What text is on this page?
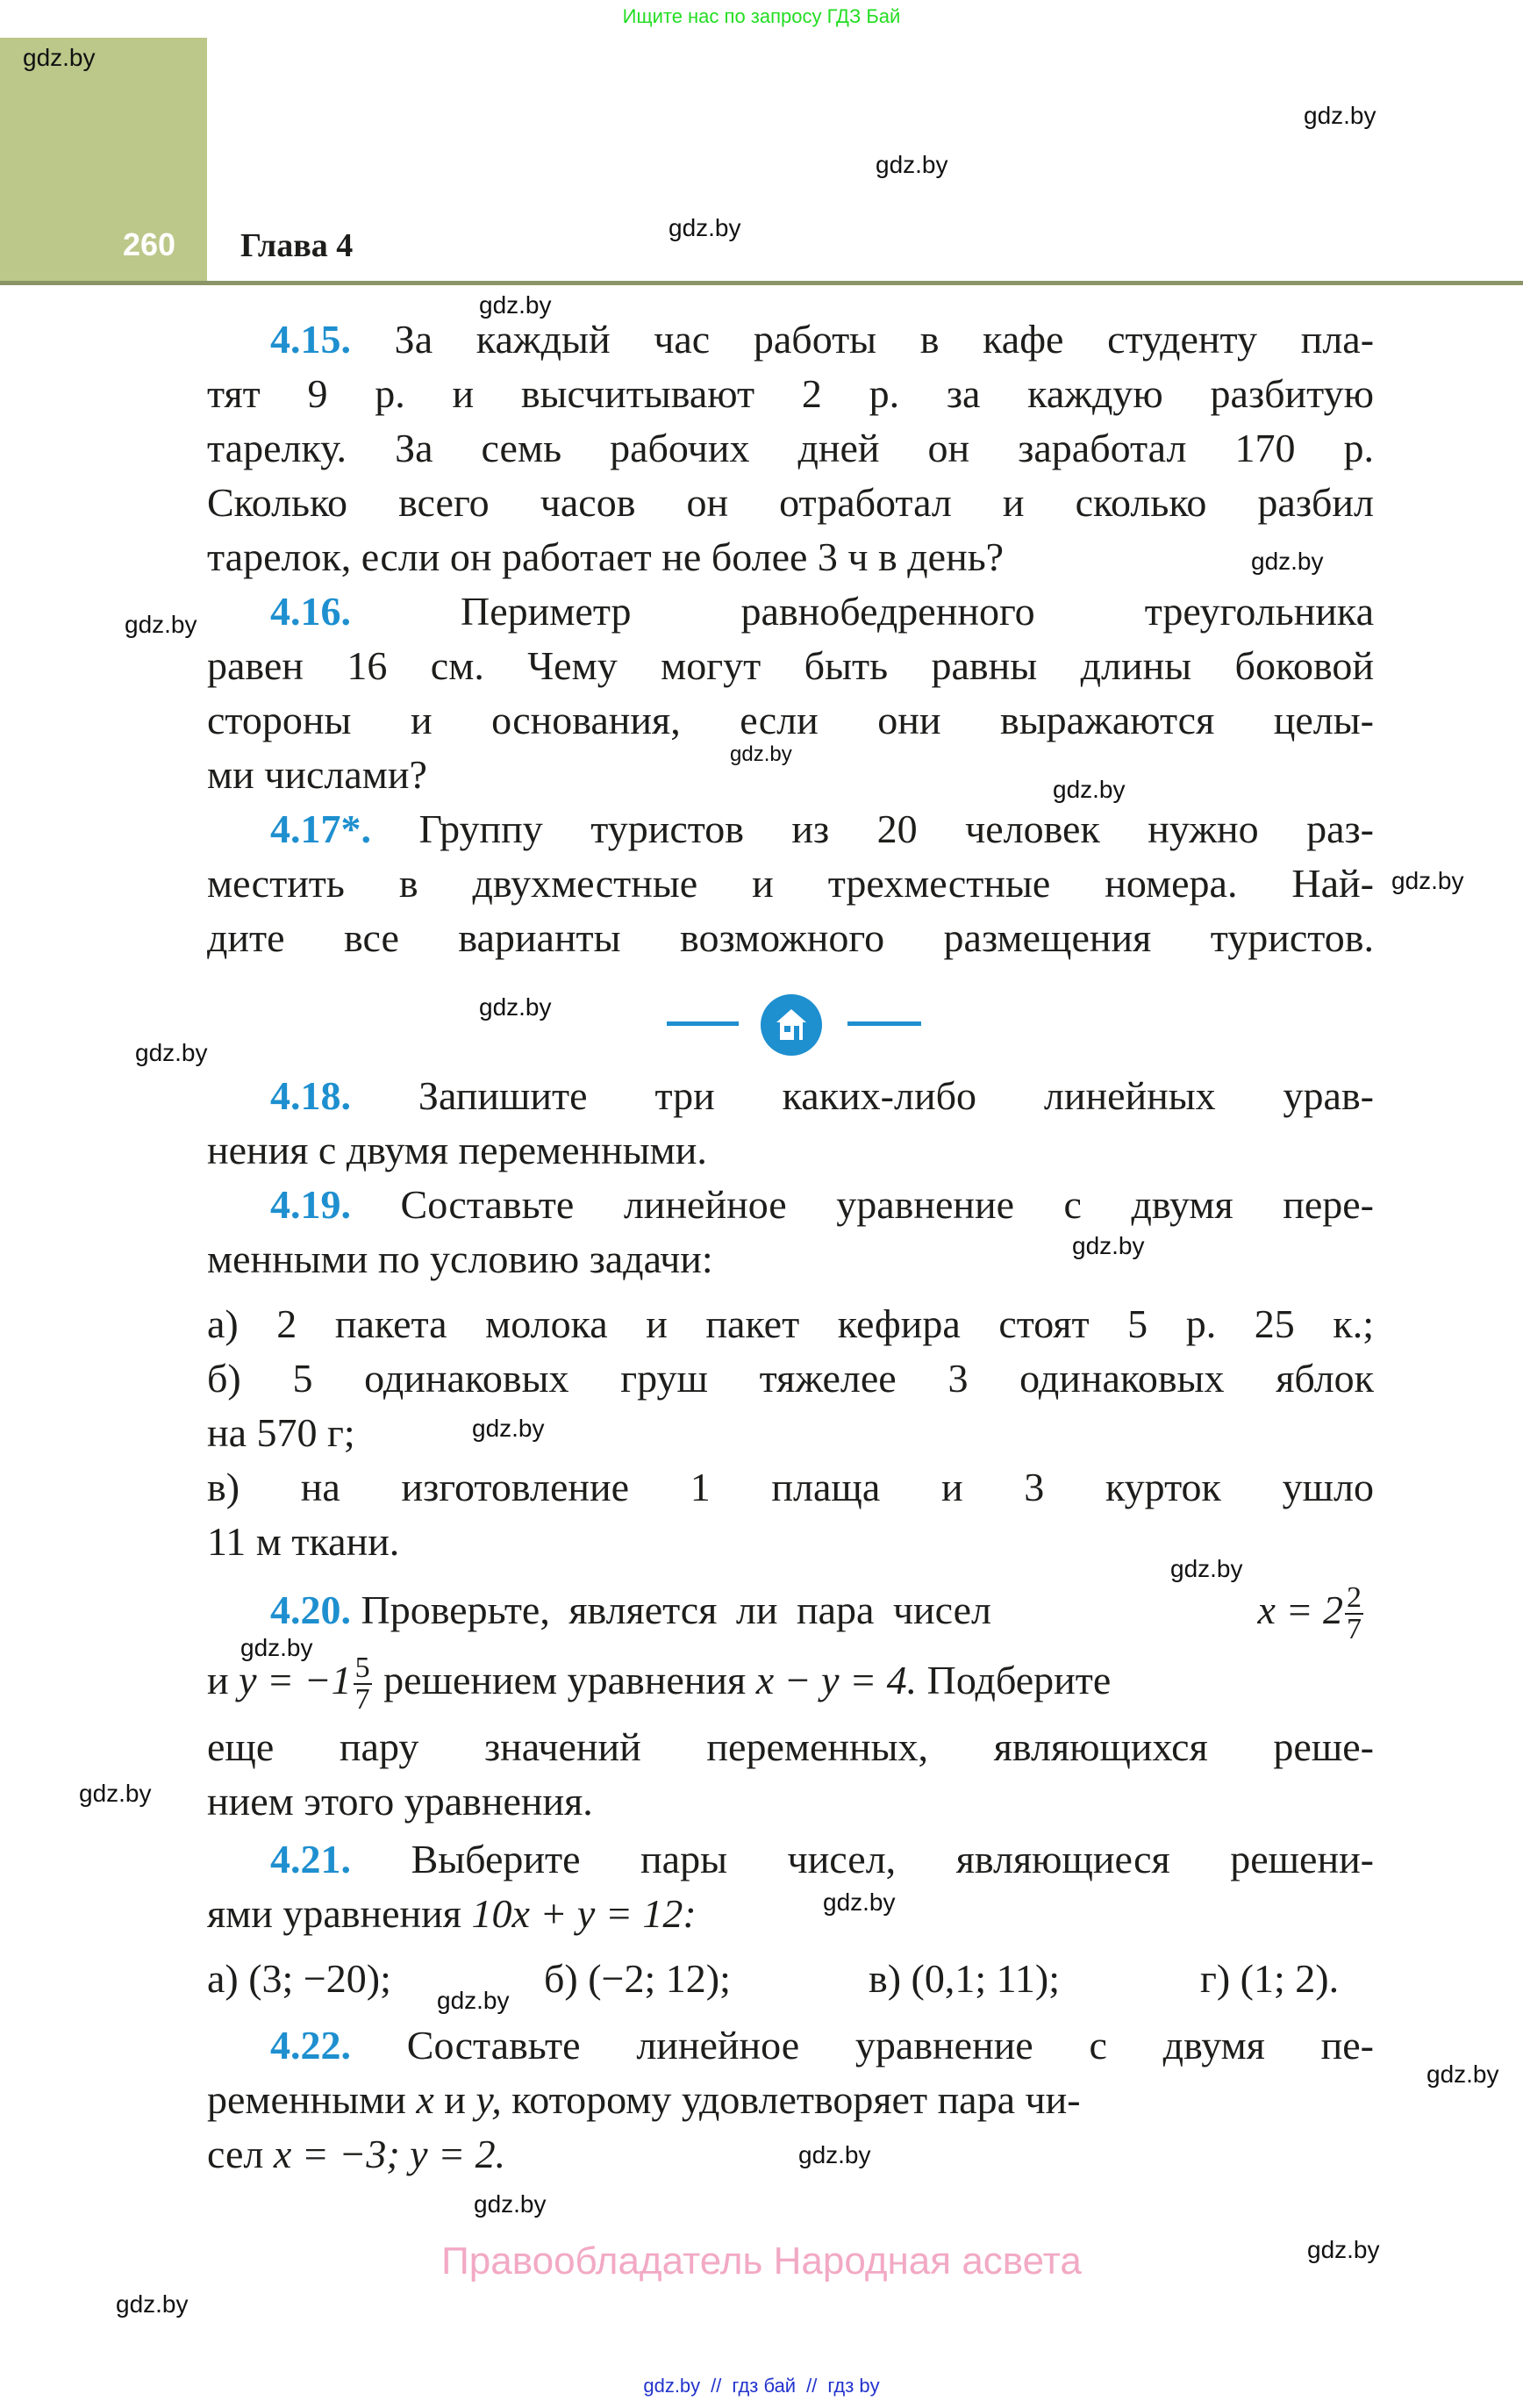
Ищите нас по запросу ГДЗ Бай
260 Глава 4
gdz.by
gdz.by
gdz.by
gdz.by
gdz.by
gdz.by
gdz.by
gdz.by
gdz.by
gdz.by
gdz.by
gdz.by
gdz.by
gdz.by
gdz.by
gdz.by
gdz.by
gdz.by
gdz.by
gdz.by
gdz.by
gdz.by
gdz.by
gdz.by
4.15. За каждый час работы в кафе студенту пла-
тят 9 р. и высчитывают 2 р. за каждую разбитую
тарелку. За семь рабочих дней он заработал 170 р.
Сколько всего часов он отработал и сколько разбил
тарелок, если он работает не более 3 ч в день?
4.16.	Периметр равнобедренного треугольника
равен 16 см. Чему могут быть равны длины боковой
стороны и основания, если они выражаются целы-
ми числами?
4.17*. Группу туристов из 20 человек нужно раз-
местить в двухместные и трехместные номера. Най-
дите все варианты возможного размещения туристов.
4.18. Запишите три каких-либо линейных урав-
нения с двумя переменными.
4.19. Составьте линейное уравнение с двумя пере-
менными по условию задачи:
а) 2 пакета молока и пакет кефира стоят 5 р. 25 к.;
б) 5 одинаковых груш тяжелее 3 одинаковых яблок
на 570 г;
в) на изготовление 1 плаща и 3 курток ушло
11 м ткани.
4.20. Проверьте, является ли пара чисел	$x = 2 \frac{2}{7}$
и $y = -1 \frac{5}{7}$ решением уравнения x − y = 4. Подберите
еще пару значений переменных, являющихся реше-
нием этого уравнения.
4.21. Выберите пары чисел, являющиеся решени-
ями уравнения 10x + y = 12:
а) (3; −20);	б) (−2; 12);	в) (0,1; 11);	г) (1; 2).
4.22. Составьте линейное уравнение с двумя пе-
ременными x и y, которому удовлетворяет пара чи-
сел x = −3; y = 2.
Правообладатель Народная асвета
gdz.by // гдз бай // гдз by
